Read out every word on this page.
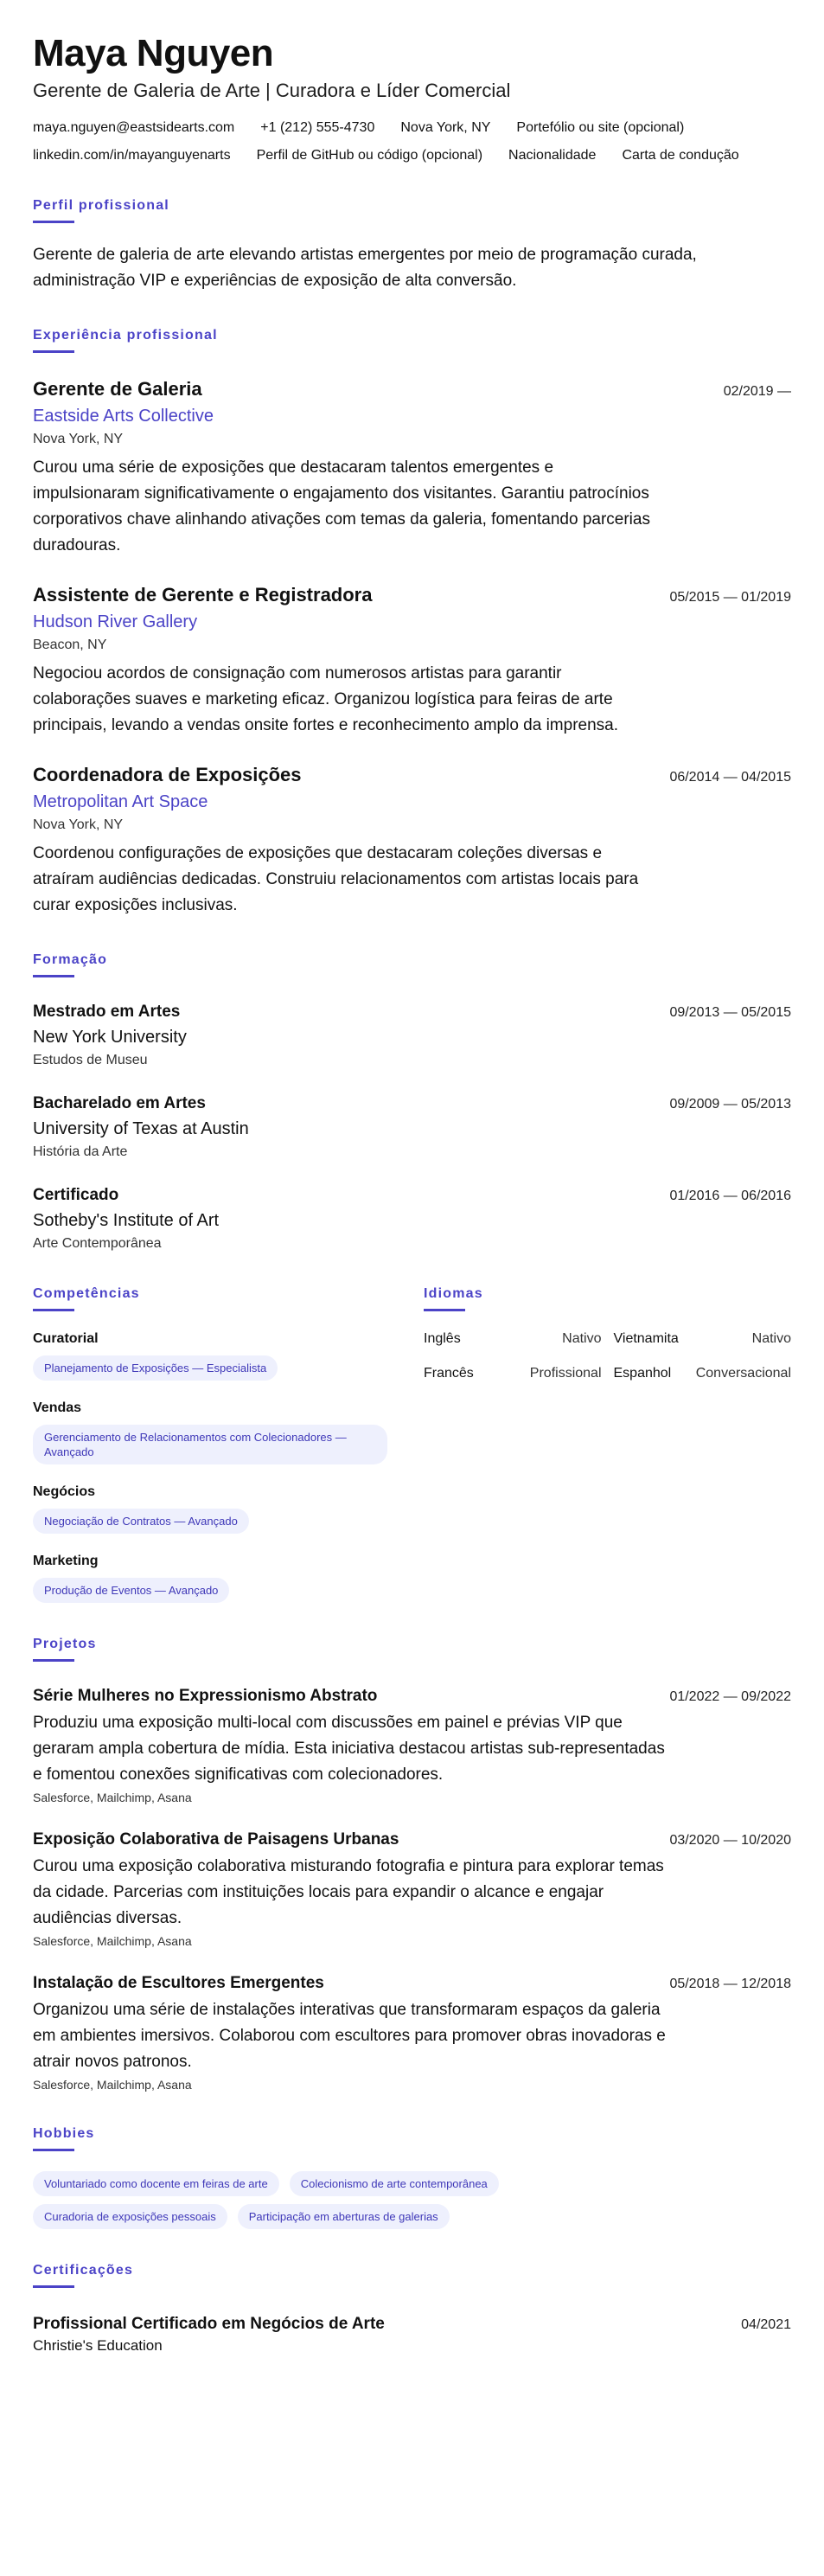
Maya Nguyen
Gerente de Galeria de Arte | Curadora e Líder Comercial
maya.nguyen@eastsidearts.com +1 (212) 555-4730 Nova York, NY Portefólio ou site (opcional)
linkedin.com/in/mayanguyenarts Perfil de GitHub ou código (opcional) Nacionalidade Carta de condução
Perfil profissional
Gerente de galeria de arte elevando artistas emergentes por meio de programação curada, administração VIP e experiências de exposição de alta conversão.
Experiência profissional
Gerente de Galeria	02/2019 —
Eastside Arts Collective
Nova York, NY
Curou uma série de exposições que destacaram talentos emergentes e impulsionaram significativamente o engajamento dos visitantes. Garantiu patrocínios corporativos chave alinhando ativações com temas da galeria, fomentando parcerias duradouras.
Assistente de Gerente e Registradora	05/2015 — 01/2019
Hudson River Gallery
Beacon, NY
Negociou acordos de consignação com numerosos artistas para garantir colaborações suaves e marketing eficaz. Organizou logística para feiras de arte principais, levando a vendas onsite fortes e reconhecimento amplo da imprensa.
Coordenadora de Exposições	06/2014 — 04/2015
Metropolitan Art Space
Nova York, NY
Coordenou configurações de exposições que destacaram coleções diversas e atraíram audiências dedicadas. Construiu relacionamentos com artistas locais para curar exposições inclusivas.
Formação
Mestrado em Artes	09/2013 — 05/2015
New York University
Estudos de Museu
Bacharelado em Artes	09/2009 — 05/2013
University of Texas at Austin
História da Arte
Certificado	01/2016 — 06/2016
Sotheby's Institute of Art
Arte Contemporânea
Competências
Curatorial
Planejamento de Exposições — Especialista
Vendas
Gerenciamento de Relacionamentos com Colecionadores — Avançado
Negócios
Negociação de Contratos — Avançado
Marketing
Produção de Eventos — Avançado
Idiomas
Inglês	Nativo Vietnamita	Nativo
Francês	Profissional Espanhol Conversacional
Projetos
Série Mulheres no Expressionismo Abstrato	01/2022 — 09/2022
Produziu uma exposição multi-local com discussões em painel e prévias VIP que geraram ampla cobertura de mídia. Esta iniciativa destacou artistas sub-representadas e fomentou conexões significativas com colecionadores.
Salesforce, Mailchimp, Asana
Exposição Colaborativa de Paisagens Urbanas	03/2020 — 10/2020
Curou uma exposição colaborativa misturando fotografia e pintura para explorar temas da cidade. Parcerias com instituições locais para expandir o alcance e engajar audiências diversas.
Salesforce, Mailchimp, Asana
Instalação de Escultores Emergentes	05/2018 — 12/2018
Organizou uma série de instalações interativas que transformaram espaços da galeria em ambientes imersivos. Colaborou com escultores para promover obras inovadoras e atrair novos patronos.
Salesforce, Mailchimp, Asana
Hobbies
Voluntariado como docente em feiras de arte	Colecionismo de arte contemporânea
Curadoria de exposições pessoais	Participação em aberturas de galerias
Certificações
Profissional Certificado em Negócios de Arte	04/2021
Christie's Education
